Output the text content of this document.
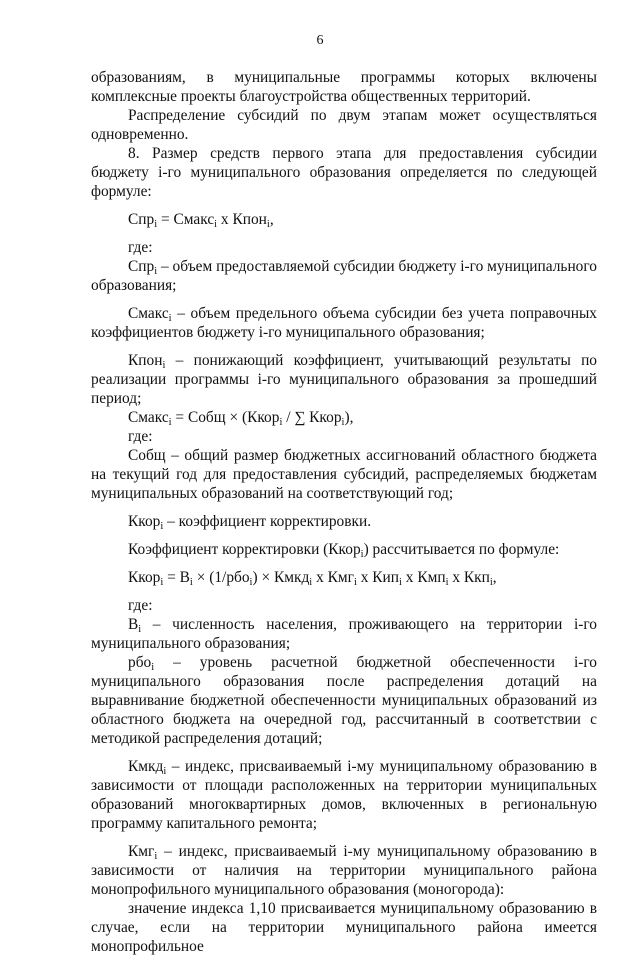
6

образованиям, в муниципальные программы которых включены комплексные проекты благоустройства общественных территорий.

Распределение субсидий по двум этапам может осуществляться одновременно.

8. Размер средств первого этапа для предоставления субсидии бюджету i-го муниципального образования определяется по следующей формуле:

Спр$_i$ = Смакс$_i$ х Кпон$_i$,

где:

Спр$_i$ – объем предоставляемой субсидии бюджету i-го муниципального образования;

Смакс$_i$ – объем предельного объема субсидии без учета поправочных коэффициентов бюджету i-го муниципального образования;

Кпон$_i$ – понижающий коэффициент, учитывающий результаты по реализации программы i-го муниципального образования за прошедший период;

Смакс$_i$ = Собщ × (Ккор$_i$ / ∑ Ккор$_i$),

где:

Собщ – общий размер бюджетных ассигнований областного бюджета на текущий год для предоставления субсидий, распределяемых бюджетам муниципальных образований на соответствующий год;

Ккор$_i$ – коэффициент корректировки.

Коэффициент корректировки (Ккор$_i$) рассчитывается по формуле:

Ккор$_i$ = $В_i \times (1/рбо_i)$ × Кмкд$_i$ х Кмг$_i$ х Кип$_i$ х Кмп$_i$ х Ккп$_i$,

где:

$В_i$ – численность населения, проживающего на территории i-го муниципального образования;

рбо$_i$ – уровень расчетной бюджетной обеспеченности i-го муниципального образования после распределения дотаций на выравнивание бюджетной обеспеченности муниципальных образований из областного бюджета на очередной год, рассчитанный в соответствии с методикой распределения дотаций;

Кмкд$_i$ – индекс, присваиваемый i-му муниципальному образованию в зависимости от площади расположенных на территории муниципальных образований многоквартирных домов, включенных в региональную программу капитального ремонта;

Кмг$_i$ – индекс, присваиваемый i-му муниципальному образованию в зависимости от наличия на территории муниципального района монопрофильного муниципального образования (моногорода):

значение индекса 1,10 присваивается муниципальному образованию в случае, если на территории муниципального района имеется монопрофильное
